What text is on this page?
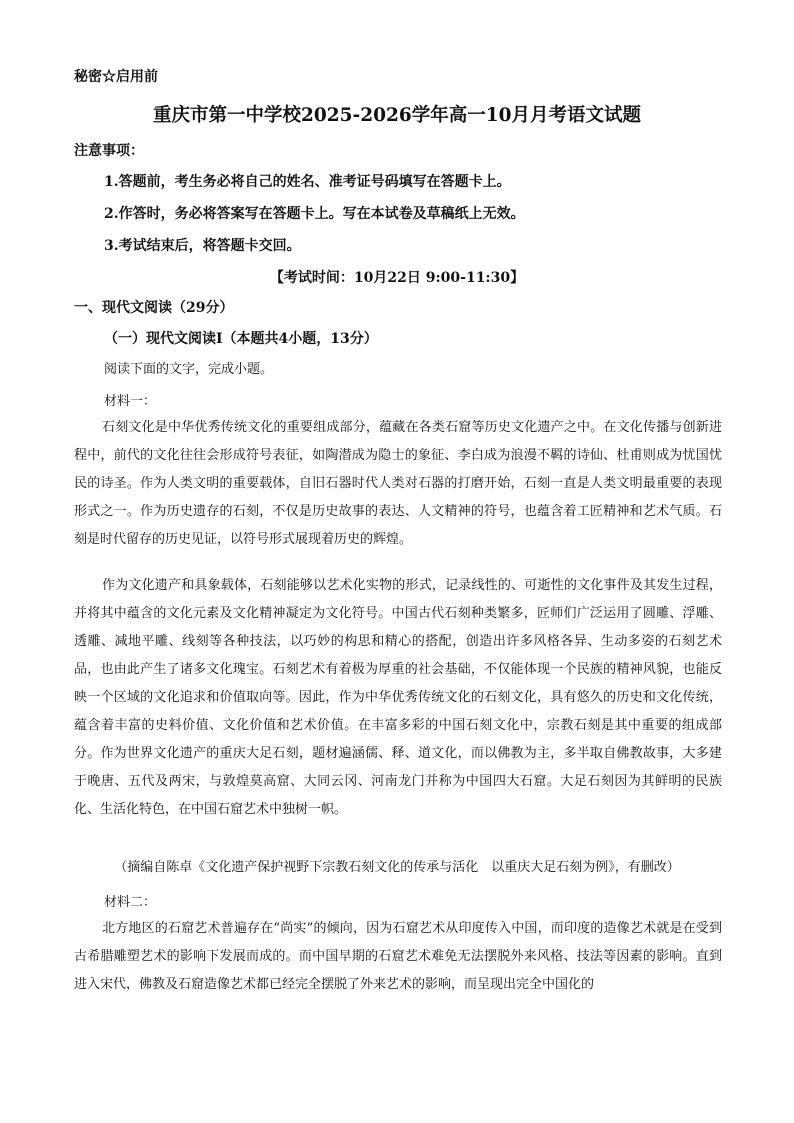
秘密☆启用前
重庆市第一中学校2025-2026学年高一10月月考语文试题
注意事项：
1.答题前，考生务必将自己的姓名、准考证号码填写在答题卡上。
2.作答时，务必将答案写在答题卡上。写在本试卷及草稿纸上无效。
3.考试结束后，将答题卡交回。
【考试时间：10月22日 9:00-11:30】
一、现代文阅读（29分）
（一）现代文阅读Ⅰ（本题共4小题，13分）
阅读下面的文字，完成小题。
材料一：
石刻文化是中华优秀传统文化的重要组成部分，蕴藏在各类石窟等历史文化遗产之中。在文化传播与创新进程中，前代的文化往往会形成符号表征，如陶潜成为隐士的象征、李白成为浪漫不羁的诗仙、杜甫则成为忧国忧民的诗圣。作为人类文明的重要载体，自旧石器时代人类对石器的打磨开始，石刻一直是人类文明最重要的表现形式之一。作为历史遗存的石刻，不仅是历史故事的表达、人文精神的符号，也蕴含着工匠精神和艺术气质。石刻是时代留存的历史见证，以符号形式展现着历史的辉煌。
作为文化遗产和具象载体，石刻能够以艺术化实物的形式，记录线性的、可逝性的文化事件及其发生过程，并将其中蕴含的文化元素及文化精神凝定为文化符号。中国古代石刻种类繁多，匠师们广泛运用了圆雕、浮雕、透雕、减地平雕、线刻等各种技法，以巧妙的构思和精心的搭配，创造出许多风格各异、生动多姿的石刻艺术品，也由此产生了诸多文化瑰宝。石刻艺术有着极为厚重的社会基础，不仅能体现一个民族的精神风貌，也能反映一个区域的文化追求和价值取向等。因此，作为中华优秀传统文化的石刻文化，具有悠久的历史和文化传统，蕴含着丰富的史料价值、文化价值和艺术价值。在丰富多彩的中国石刻文化中，宗教石刻是其中重要的组成部分。作为世界文化遗产的重庆大足石刻，题材遍涵儒、释、道文化，而以佛教为主，多半取自佛教故事，大多建于晚唐、五代及两宋，与敦煌莫高窟、大同云冈、河南龙门并称为中国四大石窟。大足石刻因为其鲜明的民族化、生活化特色，在中国石窟艺术中独树一帜。
（摘编自陈卓《文化遗产保护视野下宗教石刻文化的传承与活化　以重庆大足石刻为例》，有删改）
材料二：
北方地区的石窟艺术普遍存在“尚实”的倾向，因为石窟艺术从印度传入中国，而印度的造像艺术就是在受到古希腊雕塑艺术的影响下发展而成的。而中国早期的石窟艺术难免无法摆脱外来风格、技法等因素的影响。直到进入宋代，佛教及石窟造像艺术都已经完全摆脱了外来艺术的影响，而呈现出完全中国化的
